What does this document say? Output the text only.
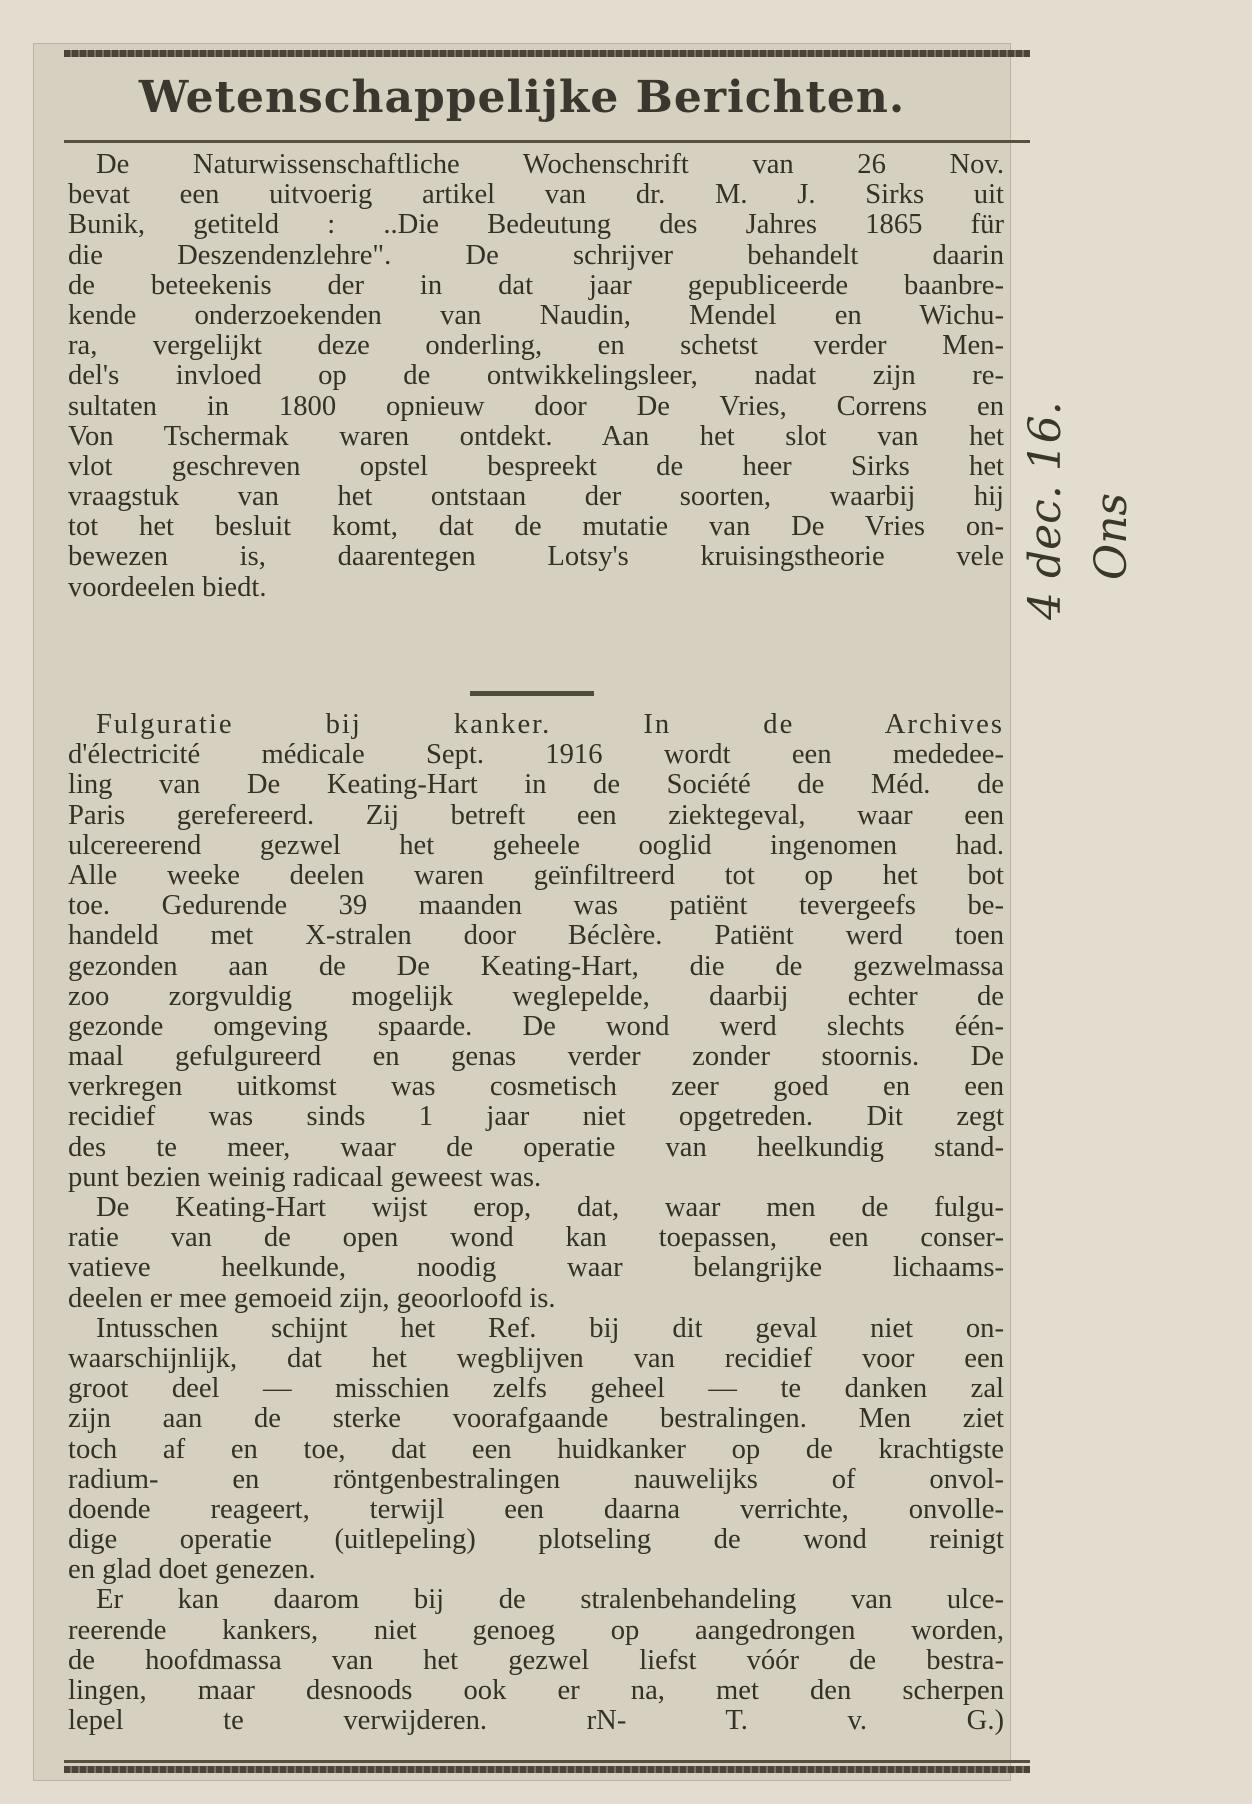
Wetenschappelijke Berichten.
De Naturwissenschaftliche Wochenschrift van 26 Nov.
bevat een uitvoerig artikel van dr. M. J. Sirks uit
Bunik, getiteld : ..Die Bedeutung des Jahres 1865 für
die Deszendenzlehre". De schrijver behandelt daarin
de beteekenis der in dat jaar gepubliceerde baanbre-
kende onderzoekenden van Naudin, Mendel en Wichu-
ra, vergelijkt deze onderling, en schetst verder Men-
del's invloed op de ontwikkelingsleer, nadat zijn re-
sultaten in 1800 opnieuw door De Vries, Correns en
Von Tschermak waren ontdekt. Aan het slot van het
vlot geschreven opstel bespreekt de heer Sirks het
vraagstuk van het ontstaan der soorten, waarbij hij
tot het besluit komt, dat de mutatie van De Vries on-
bewezen is, daarentegen Lotsy's kruisingstheorie vele
voordeelen biedt.
Fulguratie bij kanker. In de Archives
d'électricité médicale Sept. 1916 wordt een mededee-
ling van De Keating-Hart in de Société de Méd. de
Paris gerefereerd. Zij betreft een ziektegeval, waar een
ulcereerend gezwel het geheele ooglid ingenomen had.
Alle weeke deelen waren geïnfiltreerd tot op het bot
toe. Gedurende 39 maanden was patiënt tevergeefs be-
handeld met X-stralen door Béclère. Patiënt werd toen
gezonden aan de De Keating-Hart, die de gezwelmassa
zoo zorgvuldig mogelijk weglepelde, daarbij echter de
gezonde omgeving spaarde. De wond werd slechts één-
maal gefulgureerd en genas verder zonder stoornis. De
verkregen uitkomst was cosmetisch zeer goed en een
recidief was sinds 1 jaar niet opgetreden. Dit zegt
des te meer, waar de operatie van heelkundig stand-
punt bezien weinig radicaal geweest was.
De Keating-Hart wijst erop, dat, waar men de fulgu-
ratie van de open wond kan toepassen, een conser-
vatieve heelkunde, noodig waar belangrijke lichaams-
deelen er mee gemoeid zijn, geoorloofd is.
Intusschen schijnt het Ref. bij dit geval niet on-
waarschijnlijk, dat het wegblijven van recidief voor een
groot deel — misschien zelfs geheel — te danken zal
zijn aan de sterke voorafgaande bestralingen. Men ziet
toch af en toe, dat een huidkanker op de krachtigste
radium- en röntgenbestralingen nauwelijks of onvol-
doende reageert, terwijl een daarna verrichte, onvolle-
dige operatie (uitlepeling) plotseling de wond reinigt
en glad doet genezen.
Er kan daarom bij de stralenbehandeling van ulce-
reerende kankers, niet genoeg op aangedrongen worden,
de hoofdmassa van het gezwel liefst vóór de bestra-
lingen, maar desnoods ook er na, met den scherpen
lepel te verwijderen. rN- T. v. G.)
4 dec. 16. Ons
